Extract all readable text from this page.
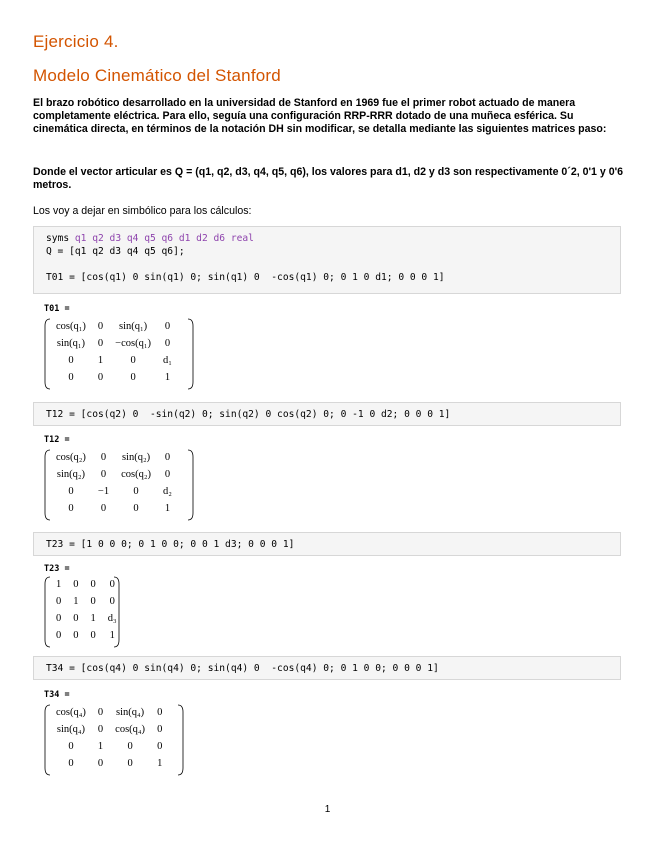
Ejercicio 4.
Modelo Cinemático del Stanford
El brazo robótico desarrollado en la universidad de Stanford en 1969 fue el primer robot actuado de manera completamente eléctrica. Para ello, seguía una configuración RRP-RRR dotado de una muñeca esférica. Su cinemática directa, en términos de la notación DH sin modificar, se detalla mediante las siguientes matrices paso:
Donde el vector articular es Q = (q1, q2, d3, q4, q5, q6), los valores para d1, d2 y d3 son respectivamente 0´2, 0'1 y 0'6 metros.
Los voy a dejar en simbólico para los cálculos:
syms q1 q2 d3 q4 q5 q6 d1 d2 d6 real
Q = [q1 q2 d3 q4 q5 q6];
T01 = [cos(q1) 0 sin(q1) 0; sin(q1) 0  -cos(q1) 0; 0 1 0 d1; 0 0 0 1]
T01 =
cos(q₁)	0	sin(q₁)	0
sin(q₁)	0	−cos(q₁)	0
0	1	0	d₁
0	0	0	1
T12 = [cos(q2) 0  -sin(q2) 0; sin(q2) 0 cos(q2) 0; 0 -1 0 d2; 0 0 0 1]
T12 =
cos(q₂)	0	sin(q₂)	0
sin(q₂)	0	cos(q₂)	0
0	−1	0	d₂
0	0	0	1
T23 = [1 0 0 0; 0 1 0 0; 0 0 1 d3; 0 0 0 1]
T23 =
1	0	0	0
0	1	0	0
0	0	1	d₃
0	0	0	1
T34 = [cos(q4) 0 sin(q4) 0; sin(q4) 0  -cos(q4) 0; 0 1 0 0; 0 0 0 1]
T34 =
cos(q₄)	0	sin(q₄)	0
sin(q₄)	0	cos(q₄)	0
0	1	0	0
0	0	0	1
1
